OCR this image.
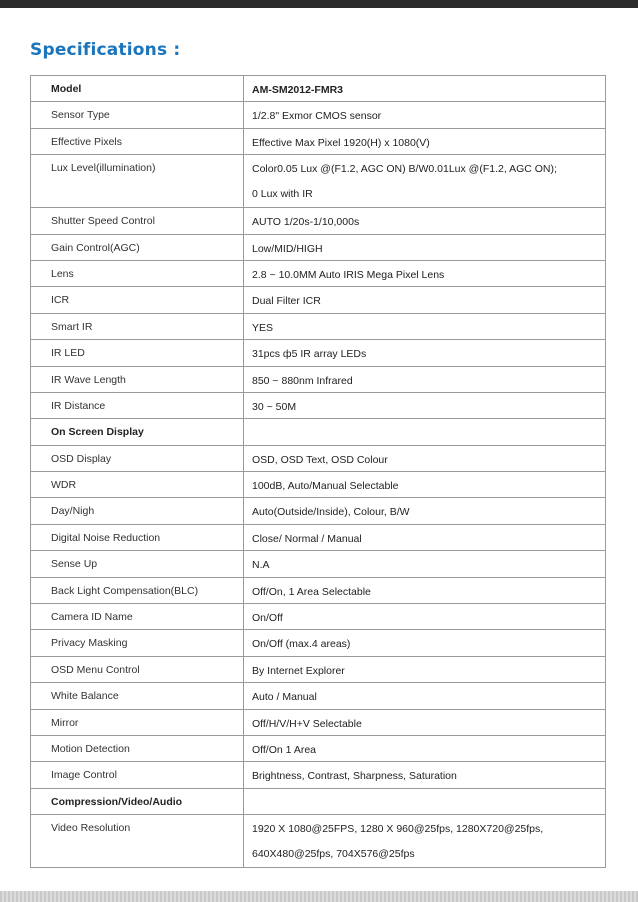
Specifications :
Model	AM-SM2012-FMR3
Sensor Type	1/2.8" Exmor CMOS sensor
Effective Pixels	Effective Max Pixel 1920(H) x 1080(V)
Lux Level(illumination)	Color0.05 Lux @(F1.2, AGC ON) B/W0.01Lux @(F1.2, AGC ON);
0 Lux with IR

Shutter Speed Control	AUTO 1/20s-1/10,000s
Gain Control(AGC)	Low/MID/HIGH
Lens	2.8 ~ 10.0MM Auto IRIS Mega Pixel Lens
ICR	Dual Filter ICR
Smart IR	YES
IR LED	31pcs ф5 IR array LEDs
IR Wave Length	850 ~ 880nm Infrared
IR Distance	30 ~ 50M
On Screen Display	
OSD Display	OSD, OSD Text, OSD Colour
WDR	100dB, Auto/Manual Selectable
Day/Nigh	Auto(Outside/Inside), Colour, B/W
Digital Noise Reduction	Close/ Normal / Manual
Sense Up	N.A
Back Light Compensation(BLC)	Off/On, 1 Area Selectable
Camera ID Name	On/Off
Privacy Masking	On/Off (max.4 areas)
OSD Menu Control	By Internet Explorer
White Balance	Auto / Manual
Mirror	Off/H/V/H+V Selectable
Motion Detection	Off/On 1 Area
Image Control	Brightness, Contrast, Sharpness, Saturation
Compression/Video/Audio	
Video Resolution	1920 X 1080@25FPS, 1280 X 960@25fps, 1280X720@25fps,
640X480@25fps, 704X576@25fps
